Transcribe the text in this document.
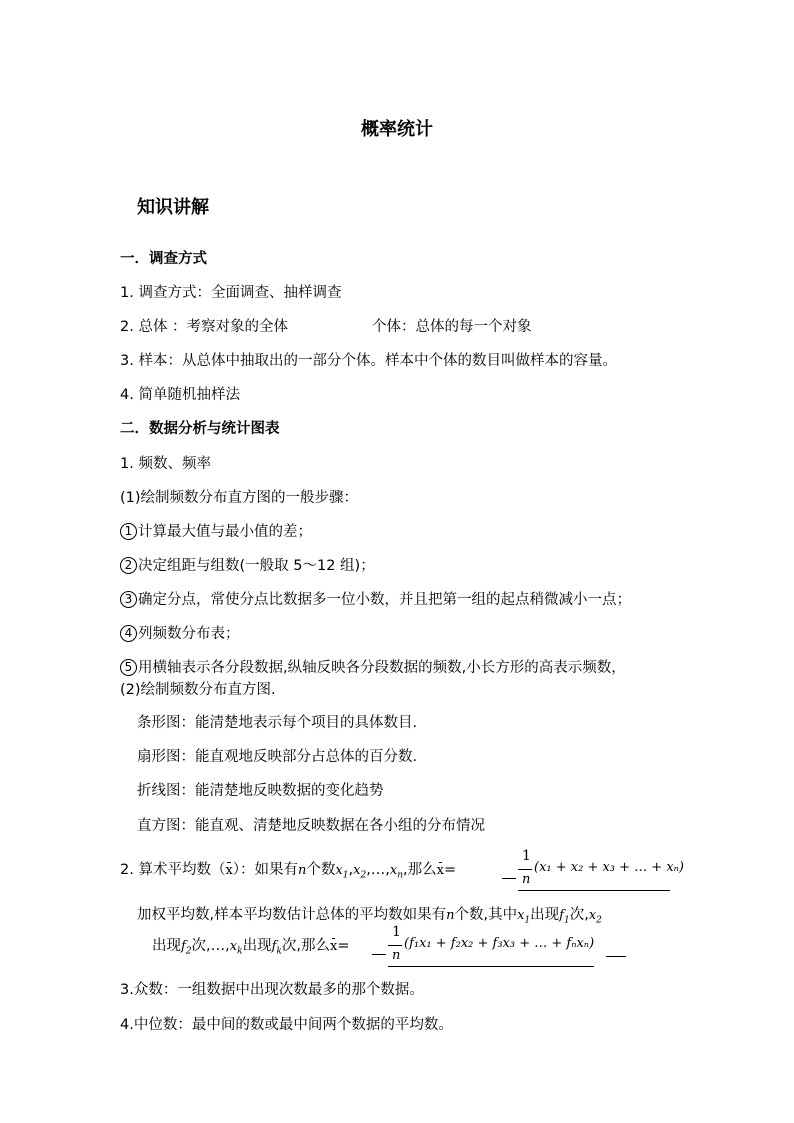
概率统计
知识讲解
一．调查方式
1. 调查方式：全面调查、抽样调查
2. 总体 ：考察对象的全体	个体：总体的每一个对象
3. 样本：从总体中抽取出的一部分个体。样本中个体的数目叫做样本的容量。
4. 简单随机抽样法
二．数据分析与统计图表
1. 频数、频率
(1)绘制频数分布直方图的一般步骤：
1 计算最大值与最小值的差；
2 决定组距与组数(一般取 5～12 组)；
3 确定分点，常使分点比数据多一位小数，并且把第一组的起点稍微减小一点；
4 列频数分布表；
5 用横轴表示各分段数据,纵轴反映各分段数据的频数,小长方形的高表示频数，
(2)绘制频数分布直方图.
条形图：能清楚地表示每个项目的具体数目.
扇形图：能直观地反映部分占总体的百分数.
折线图：能清楚地反映数据的变化趋势
直方图：能直观、清楚地反映数据在各小组的分布情况
2. 算术平均数（x）：如果有n个数$x_1,x_2,\dots,x_n$,那么x=
1
n
(x₁ + x₂ + x₃ + … + xₙ)
加权平均数,样本平均数估计总体的平均数如果有n个数,其中$x_1$出现$f_1$次$,x_2$
出现$f_2$次$,\dots,x_k$出现$f_k$次,那么x=
1
n
(f₁x₁ + f₂x₂ + f₃x₃ + … + fₙxₙ)
3.众数：一组数据中出现次数最多的那个数据。
4.中位数：最中间的数或最中间两个数据的平均数。
